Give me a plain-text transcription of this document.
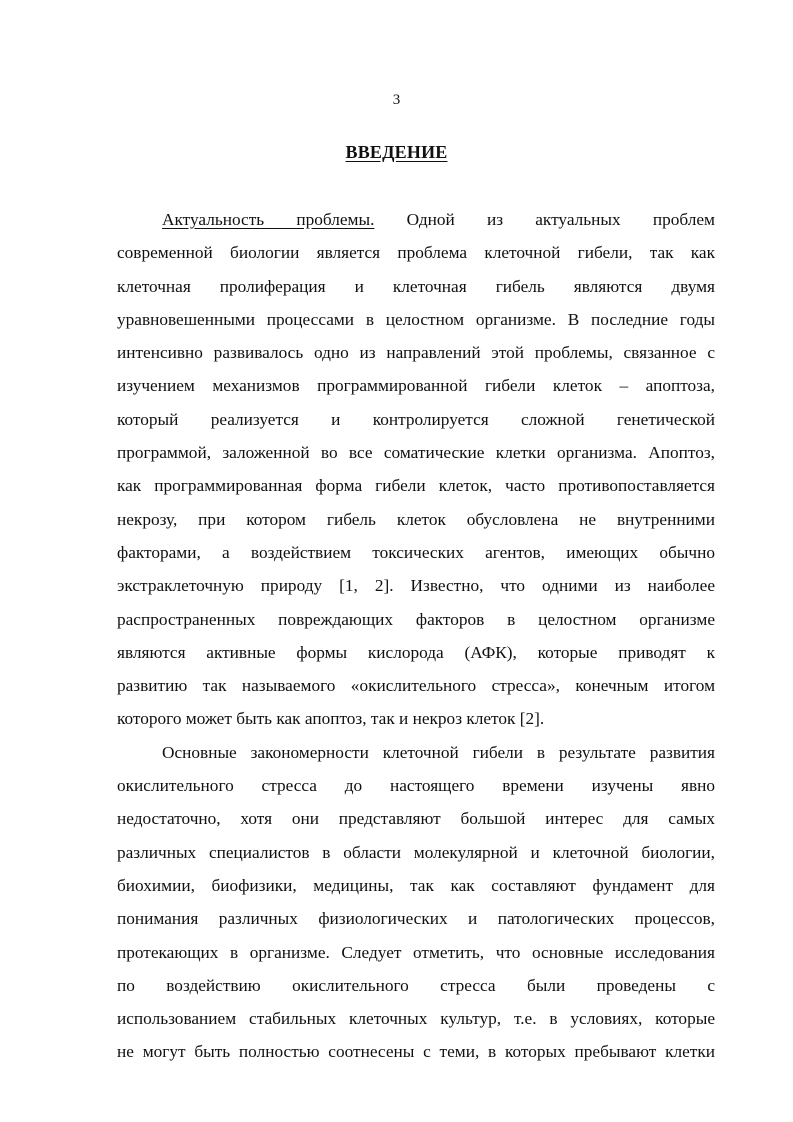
3
ВВЕДЕНИЕ
Актуальность проблемы. Одной из актуальных проблем
современной биологии является проблема клеточной гибели, так как
клеточная пролиферация и клеточная гибель являются двумя
уравновешенными процессами в целостном организме. В последние годы
интенсивно развивалось одно из направлений этой проблемы, связанное с
изучением механизмов программированной гибели клеток – апоптоза,
который реализуется и контролируется сложной генетической
программой, заложенной во все соматические клетки организма. Апоптоз,
как программированная форма гибели клеток, часто противопоставляется
некрозу, при котором гибель клеток обусловлена не внутренними
факторами, а воздействием токсических агентов, имеющих обычно
экстраклеточную природу [1, 2]. Известно, что одними из наиболее
распространенных повреждающих факторов в целостном организме
являются активные формы кислорода (АФК), которые приводят к
развитию так называемого «окислительного стресса», конечным итогом
которого может быть как апоптоз, так и некроз клеток [2].
Основные закономерности клеточной гибели в результате развития
окислительного стресса до настоящего времени изучены явно
недостаточно, хотя они представляют большой интерес для самых
различных специалистов в области молекулярной и клеточной биологии,
биохимии, биофизики, медицины, так как составляют фундамент для
понимания различных физиологических и патологических процессов,
протекающих в организме. Следует отметить, что основные исследования
по воздействию окислительного стресса были проведены с
использованием стабильных клеточных культур, т.е. в условиях, которые
не могут быть полностью соотнесены с теми, в которых пребывают клетки
